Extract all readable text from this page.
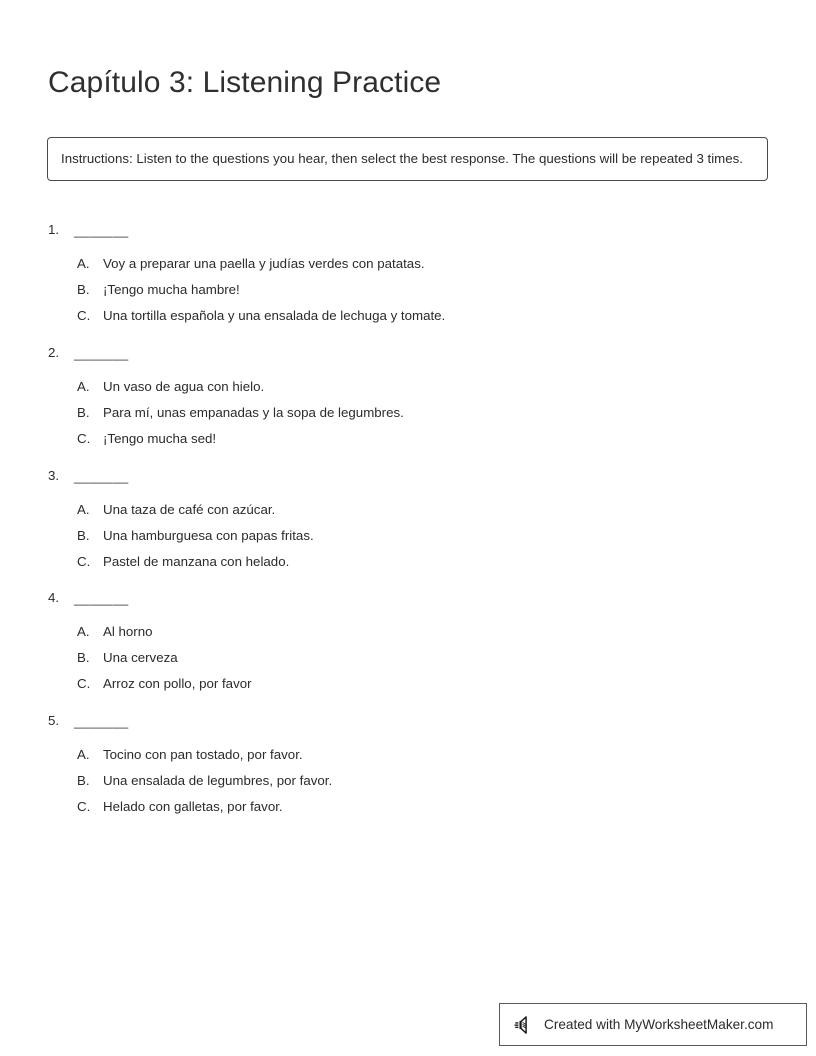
Capítulo 3: Listening Practice
Instructions: Listen to the questions you hear, then select the best response. The questions will be repeated 3 times.
1.	_______
A.	Voy a preparar una paella y judías verdes con patatas.
B.	¡Tengo mucha hambre!
C. Una tortilla española y una ensalada de lechuga y tomate.
2.	_______
A.	Un vaso de agua con hielo.
B.	Para mí, unas empanadas y la sopa de legumbres.
C. ¡Tengo mucha sed!
3.	_______
A.	Una taza de café con azúcar.
B.	Una hamburguesa con papas fritas.
C. Pastel de manzana con helado.
4.	_______
A.	Al horno
B.	Una cerveza
C. Arroz con pollo, por favor
5.	_______
A.	Tocino con pan tostado, por favor.
B.	Una ensalada de legumbres, por favor.
C. Helado con galletas, por favor.
Created with MyWorksheetMaker.com
